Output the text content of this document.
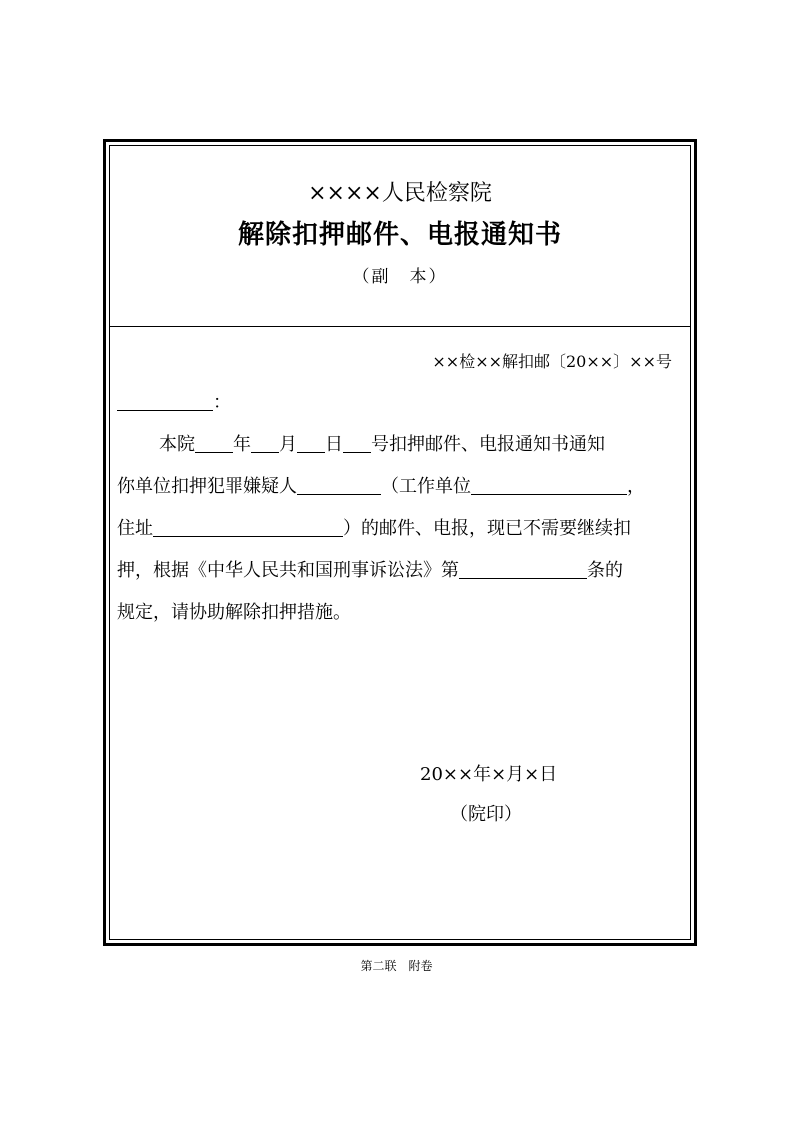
××××人民检察院
解除扣押邮件、电报通知书
（副　本）
××检××解扣邮〔20××〕××号
：
本院 年 月 日 号扣押邮件、电报通知书通知
你单位扣押犯罪嫌疑人	（工作单位	，
住址	）的邮件、电报，现已不需要继续扣
押，根据《中华人民共和国刑事诉讼法》第	条的
规定，请协助解除扣押措施。
20××年×月×日
（院印）
第二联　附卷
